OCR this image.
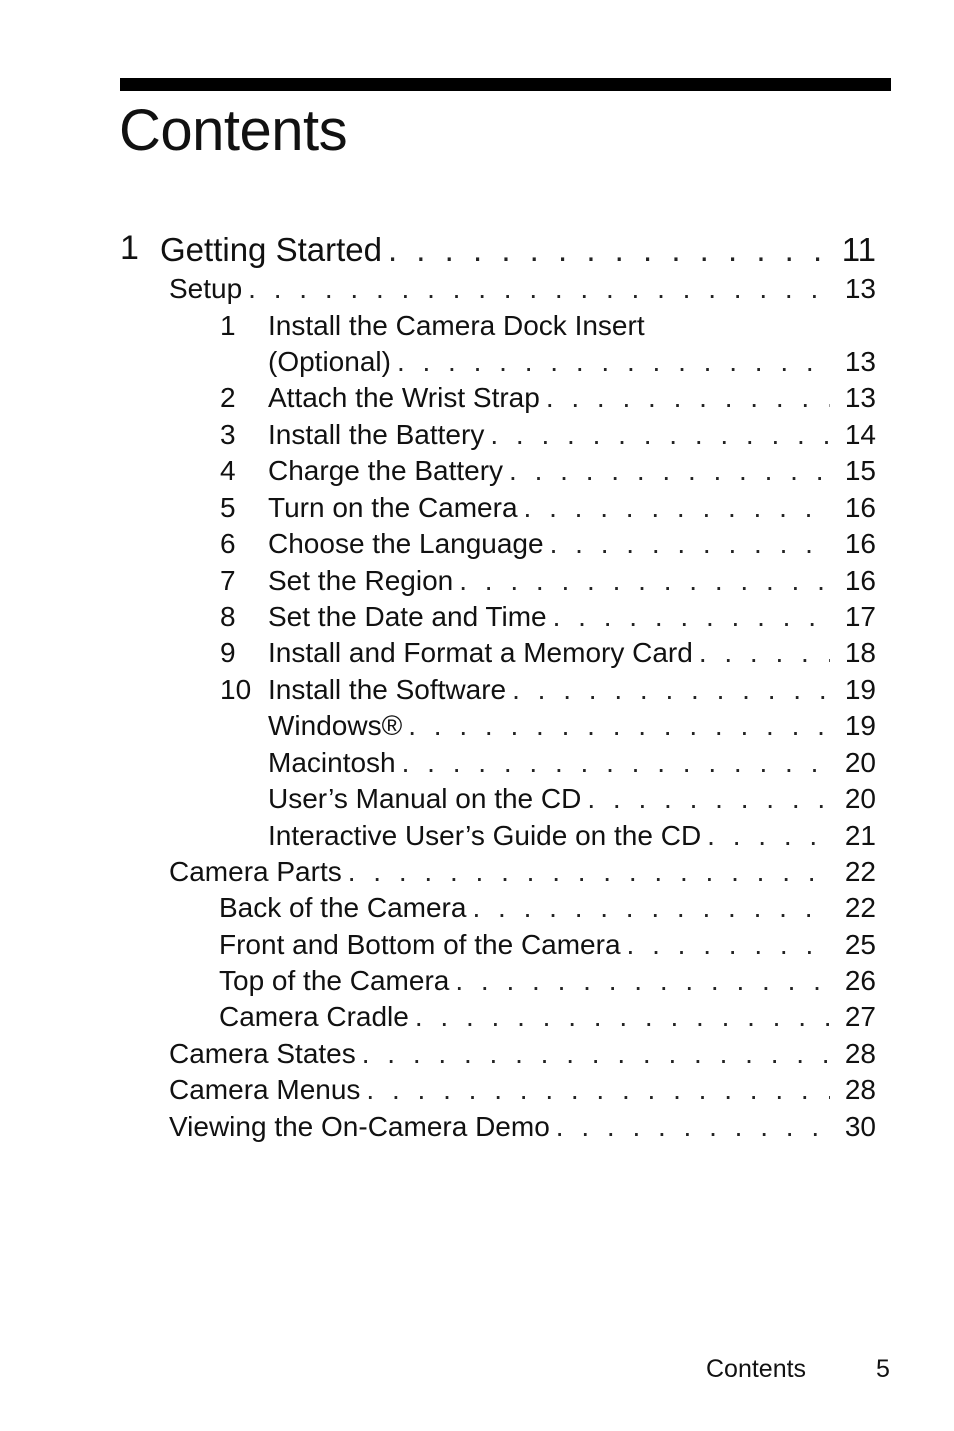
Contents
1 Getting Started . . .	11
Setup . . .	13
1 Install the Camera Dock Insert
(Optional) . . .	13
2 Attach the Wrist Strap . . .	13
3 Install the Battery . . .	14
4 Charge the Battery . . .	15
5 Turn on the Camera . . .	16
6 Choose the Language . . .	16
7 Set the Region . . .	16
8 Set the Date and Time . . .	17
9 Install and Format a Memory Card . . .	18
10 Install the Software . . .	19
Windows® . . .	19
Macintosh . . .	20
User’s Manual on the CD . . .	20
Interactive User’s Guide on the CD . . .	21
Camera Parts . . .	22
Back of the Camera . . .	22
Front and Bottom of the Camera . . .	25
Top of the Camera . . .	26
Camera Cradle . . .	27
Camera States . . .	28
Camera Menus . . .	28
Viewing the On-Camera Demo . . .	30
Contents	5
